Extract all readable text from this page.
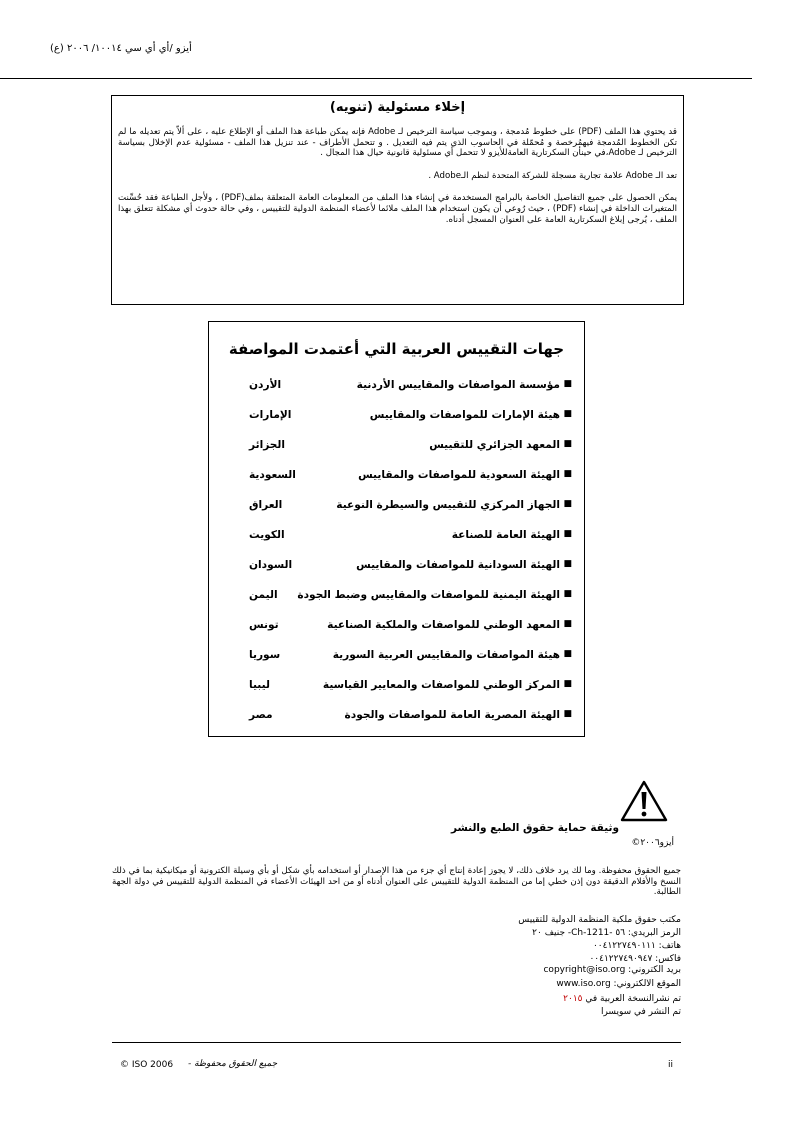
أيزو /أي أي سي ١٠٠١٤/ ٢٠٠٦ (ع)
إخلاء مسئولية (تنويه)

قد يحتوي هذا الملف (PDF) على خطوط مُدمجة ، وبموجب سياسة الترخيص لـ Adobe فإنه يمكن طباعة هذا الملف أو الإطلاع عليه ، على ألاّ يتم تعديله ما لم تكن الخطوط المُدمجة فيهمُرخصة و مُحمّلة في الحاسوب الذي يتم فيه التعديل . و تتحمل الأطراف - عند تنزيل هذا الملف - مسئولية عدم الإخلال بسياسة الترخيص لـ Adobe،في حينأن السكرتارية العامةللأيزو لا تتحمل أي مسئولية قانونية حيال هذا المجال .

تعد الـ Adobe علامة تجارية مسجلة للشركة المتحدة لنظم الـAdobe .

يمكن الحصول على جميع التفاصيل الخاصة بالبرامج المستخدمة في إنشاء هذا الملف من المعلومات العامة المتعلقة بملف(PDF) ، ولأجل الطباعة فقد حُسِّنت المتغيرات الداخلة في إنشاء (PDF) ، حيث رُوعي أن يكون استخدام هذا الملف ملائما لأعضاء المنظمة الدولية للتقييس ، وفي حالة حدوث أي مشكلة تتعلق بهذا الملف ، يُرجى إبلاغ السكرتارية العامة على العنوان المسجل أدناه.

جهات التقييس العربية التي أعتمدت المواصفة
■
مؤسسة المواصفات والمقاييس الأردنية
الأردن
■
هيئة الإمارات للمواصفات والمقاييس
الإمارات
■
المعهد الجزائري للتقييس
الجزائر
■
الهيئة السعودية للمواصفات والمقاييس
السعودية
■
الجهاز المركزي للتقييس والسيطرة النوعية
العراق
■
الهيئة العامة للصناعة
الكويت
■
الهيئة السودانية للمواصفات والمقاييس
السودان
■
الهيئة اليمنية للمواصفات والمقاييس وضبط الجودة
اليمن
■
المعهد الوطني للمواصفات والملكية الصناعية
تونس
■
هيئة المواصفات والمقاييس العربية السورية
سوريا
■
المركز الوطني للمواصفات والمعايير القياسية
ليبيا
■
الهيئة المصرية العامة للمواصفات والجودة
مصر
وثيقة حماية حقوق الطبع والنشر
أيزو٢٠٠٦©

جميع الحقوق محفوظة. وما لك يرد خلاف ذلك، لا يجوز إعادة إنتاج أي جزء من هذا الإصدار أو استخدامه بأي شكل أو بأي وسيلة الكترونية أو ميكانيكية بما في ذلك النسخ والأفلام الدقيقة دون إذن خطي إما من المنظمة الدولية للتقييس على العنوان أدناه أو من احد الهيئات الأعضاء في المنظمة الدولية للتقييس في دولة الجهة الطالبة.

مكتب حقوق ملكية المنظمة الدولية للتقييس
الرمز البريدي: ٥٦ -Ch-1211- جنيف ٢٠
هاتف: ٠٠٤١٢٢٧٤٩٠١١١
فاكس: ٠٠٤١٢٢٧٤٩٠٩٤٧
بريد الكتروني: copyright@iso.org
الموقع الالكتروني: www.iso.org
تم نشرالنسخة العربية في ٢٠١٥
تم النشر في سويسرا
© ISO 2006 جميع الحقوق محفوظة -	ii
